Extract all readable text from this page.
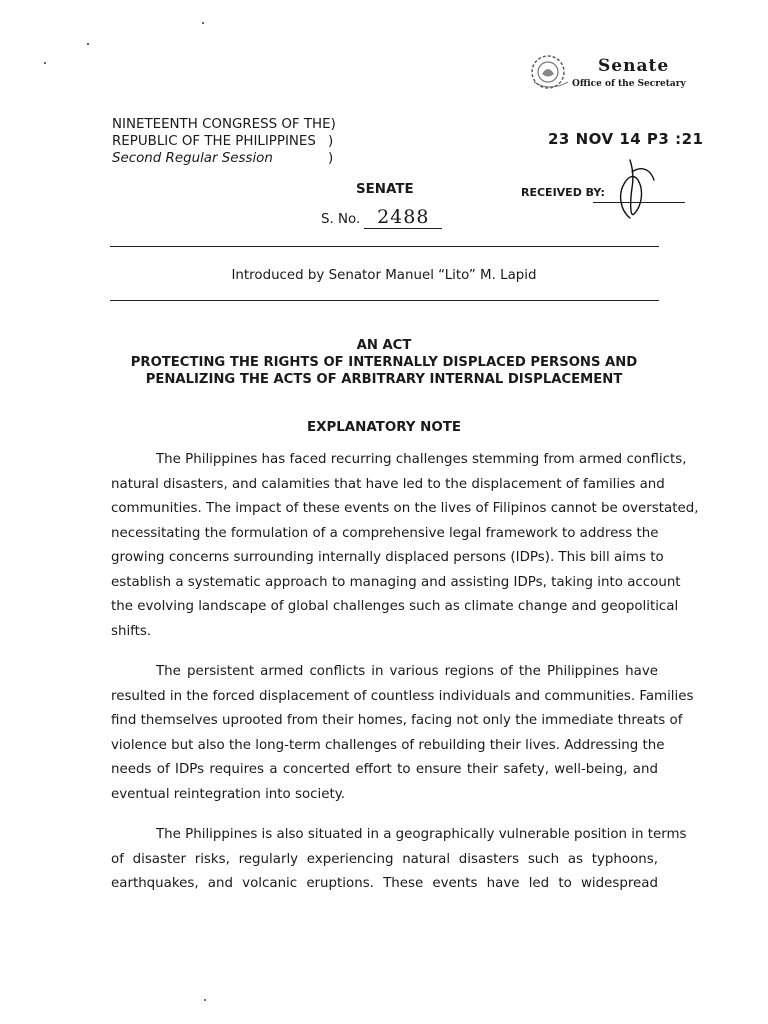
Senate
Office of the Secretary
NINETEENTH CONGRESS OF THE)
REPUBLIC OF THE PHILIPPINES )
Second Regular Session	)
23 NOV 14 P3 :21
SENATE	RECEIVED BY:
S. No. 2488
Introduced by Senator Manuel “Lito” M. Lapid
AN ACT
PROTECTING THE RIGHTS OF INTERNALLY DISPLACED PERSONS AND
PENALIZING THE ACTS OF ARBITRARY INTERNAL DISPLACEMENT
EXPLANATORY NOTE
The Philippines has faced recurring challenges stemming from armed conflicts,
natural disasters, and calamities that have led to the displacement of families and
communities. The impact of these events on the lives of Filipinos cannot be overstated,
necessitating the formulation of a comprehensive legal framework to address the
growing concerns surrounding internally displaced persons (IDPs). This bill aims to
establish a systematic approach to managing and assisting IDPs, taking into account
the evolving landscape of global challenges such as climate change and geopolitical
shifts.
The persistent armed conflicts in various regions of the Philippines have
resulted in the forced displacement of countless individuals and communities. Families
find themselves uprooted from their homes, facing not only the immediate threats of
violence but also the long-term challenges of rebuilding their lives. Addressing the
needs of IDPs requires a concerted effort to ensure their safety, well-being, and
eventual reintegration into society.
The Philippines is also situated in a geographically vulnerable position in terms
of disaster risks, regularly experiencing natural disasters such as typhoons,
earthquakes, and volcanic eruptions. These events have led to widespread
